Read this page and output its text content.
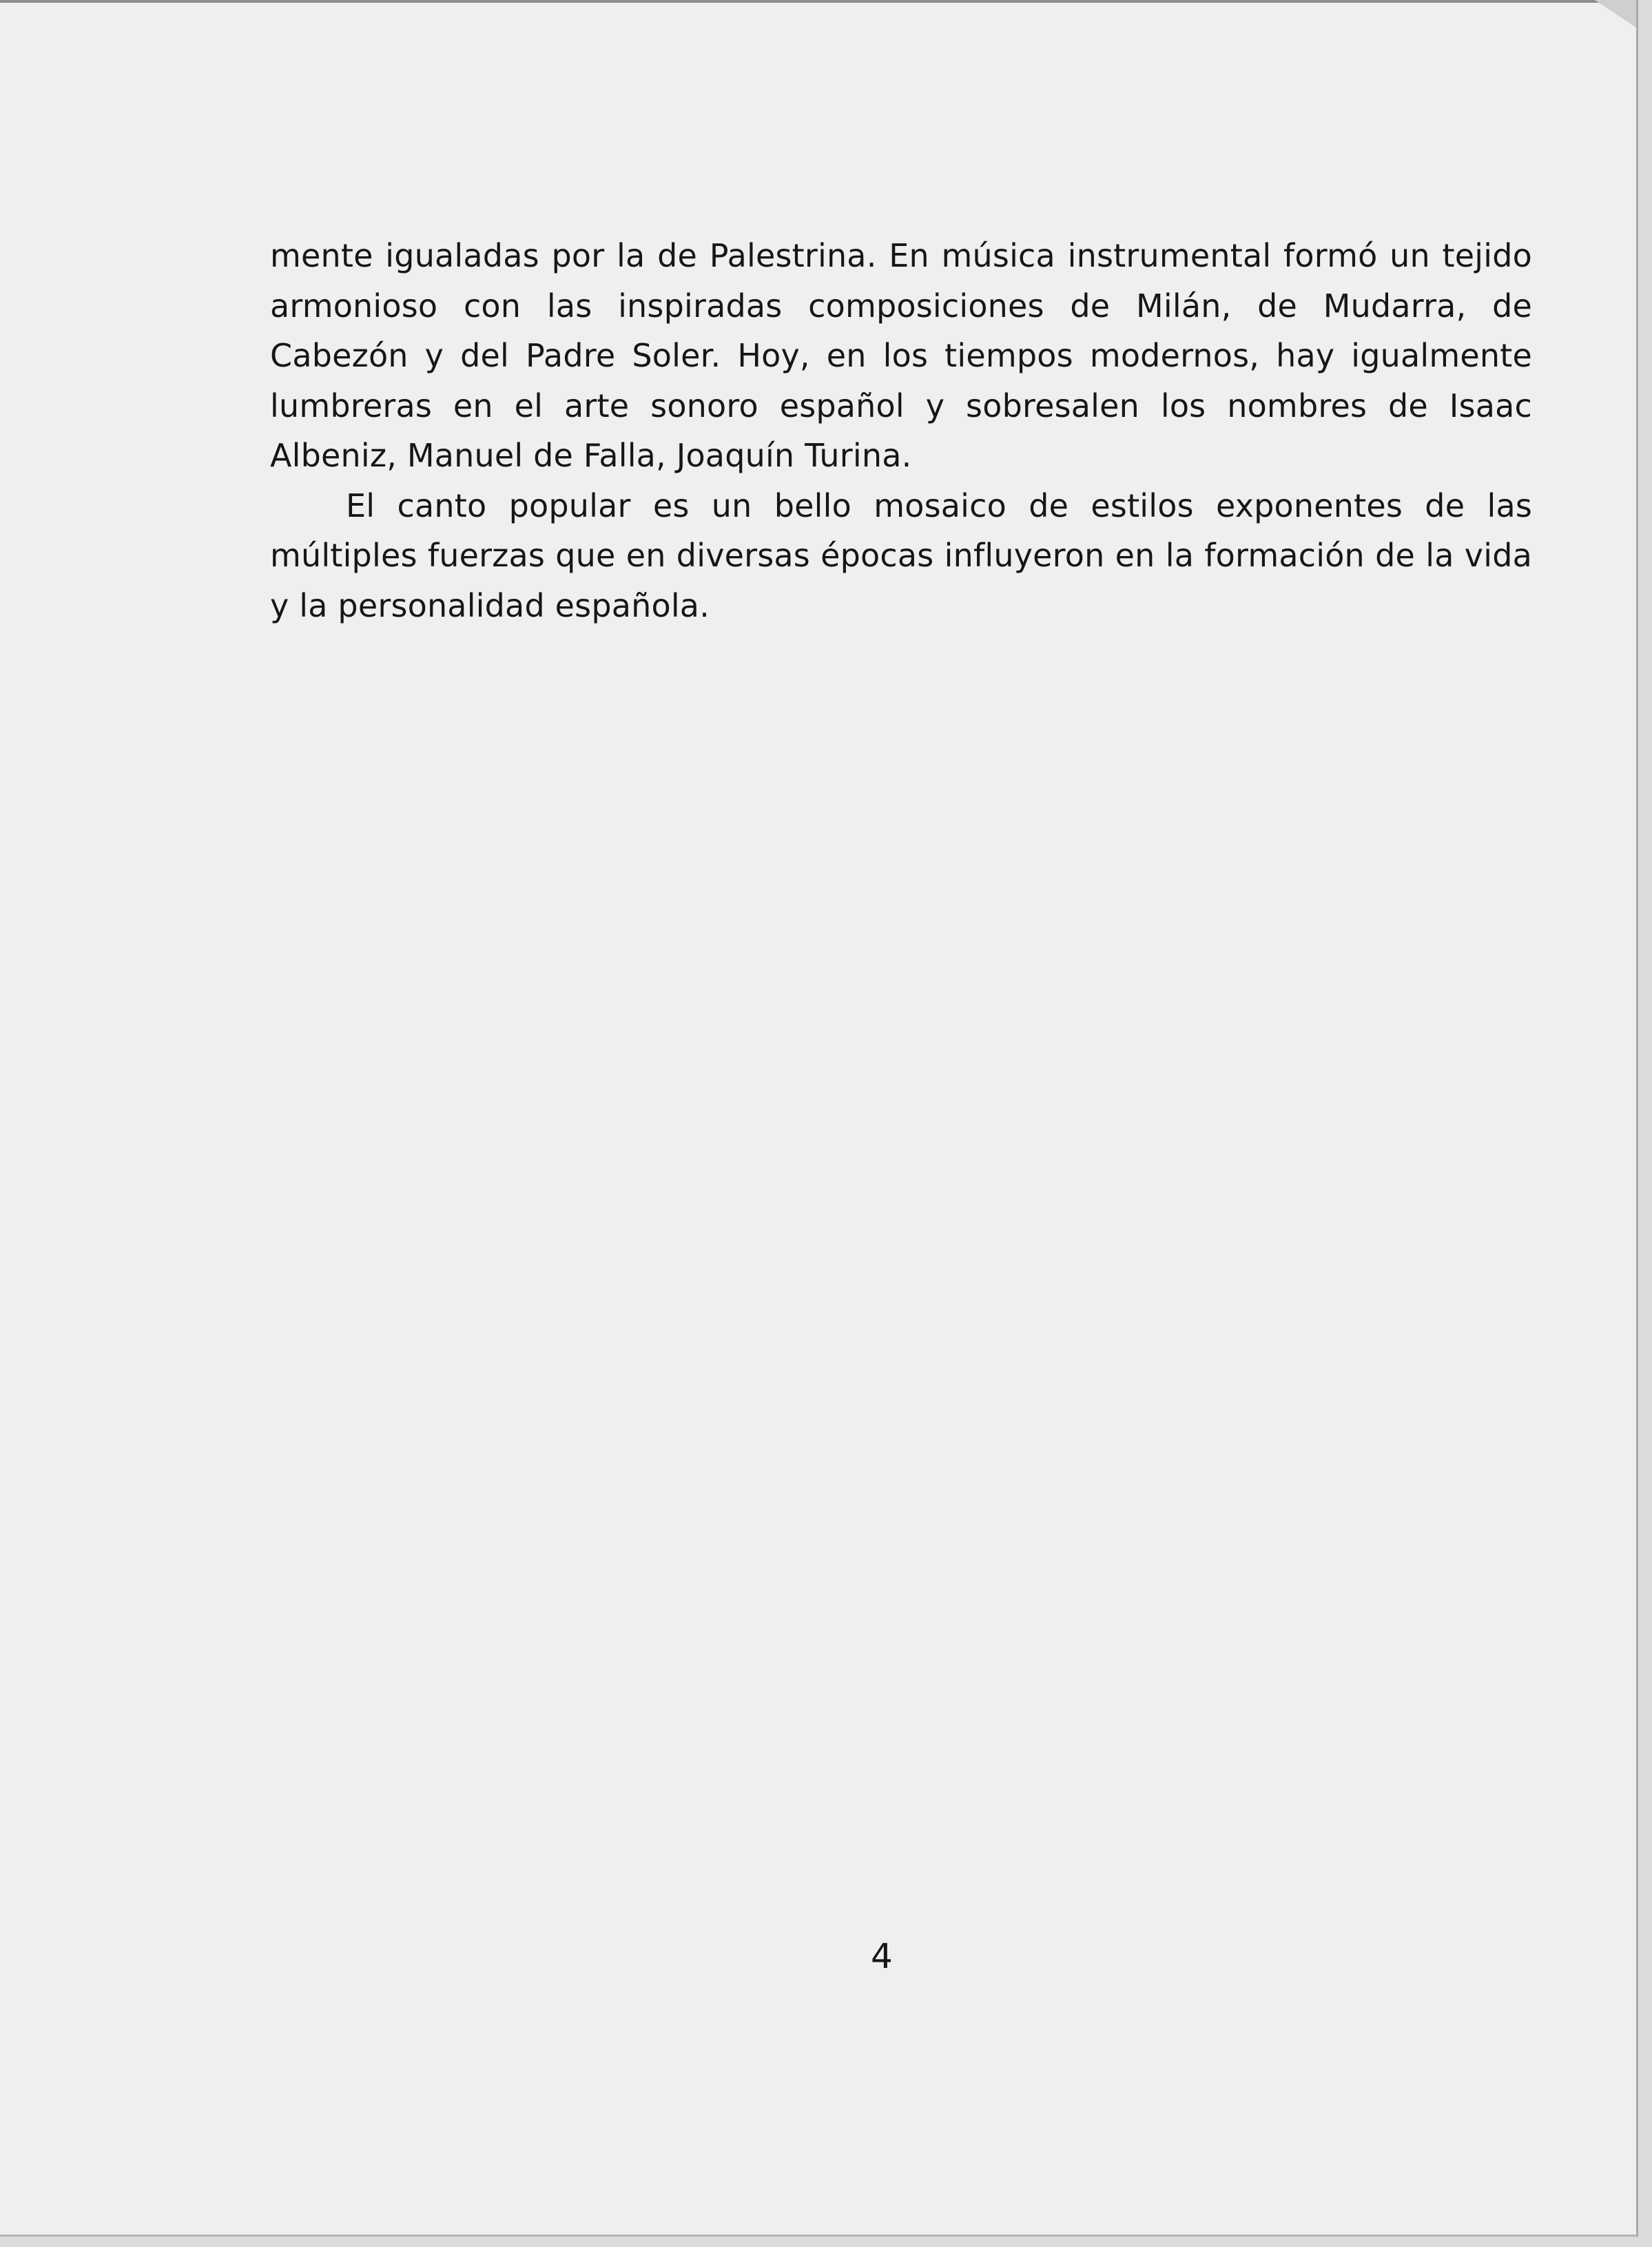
mente igualadas por la de Palestrina. En música instrumental formó un tejido armonioso con las inspiradas composiciones de Milán, de Mudarra, de Cabezón y del Padre Soler. Hoy, en los tiempos modernos, hay igualmente lumbreras en el arte sonoro español y sobresalen los nombres de Isaac Albeniz, Manuel de Falla, Joaquín Turina.

El canto popular es un bello mosaico de estilos exponentes de las múltiples fuerzas que en diversas épocas influyeron en la formación de la vida y la personalidad española.

4
